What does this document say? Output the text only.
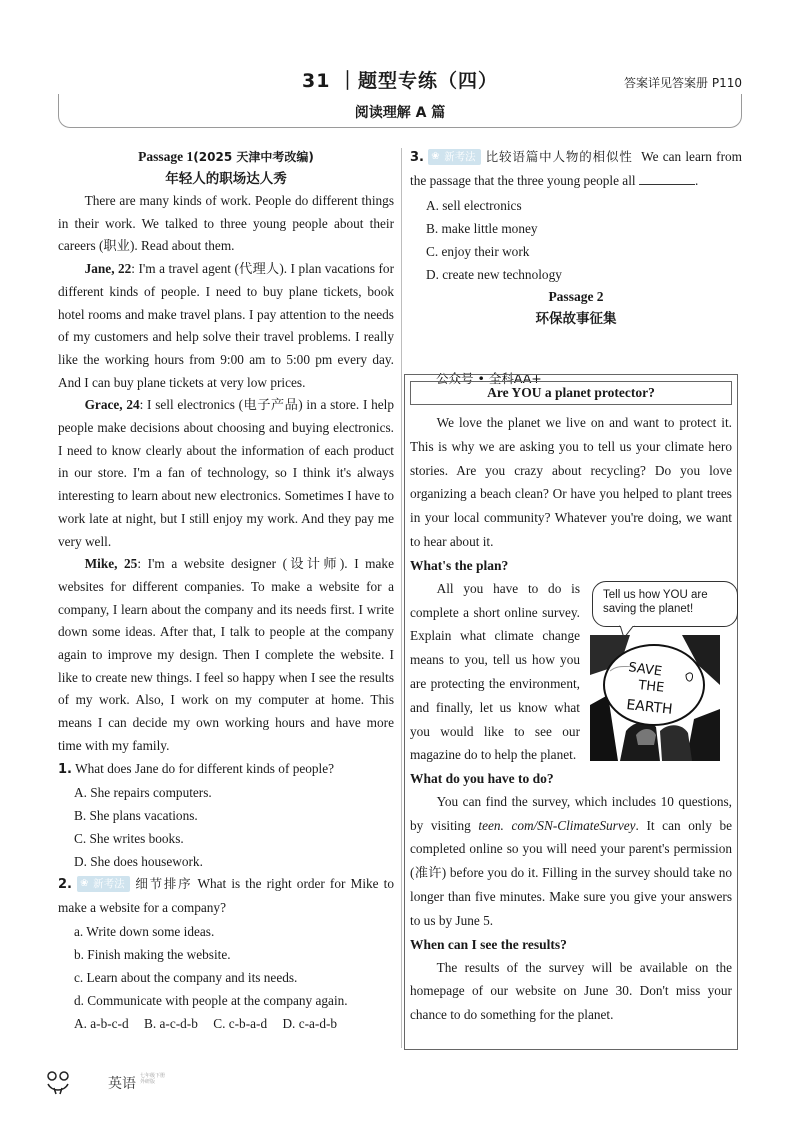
31 ｜题型专练（四）	答案详见答案册 P110
阅读理解 A 篇
Passage 1(2025 天津中考改编)
年轻人的职场达人秀

There are many kinds of work. People do different things in their work. We talked to three young people about their careers (职业). Read about them.

Jane, 22: I'm a travel agent (代理人). I plan vacations for different kinds of people. I need to buy plane tickets, book hotel rooms and make travel plans. I pay attention to the needs of my customers and help solve their travel problems. I really like the working hours from 9:00 am to 5:00 pm every day. And I can buy plane tickets at very low prices.

Grace, 24: I sell electronics (电子产品) in a store. I help people make decisions about choosing and buying electronics. I need to know clearly about the information of each product in our store. I'm a fan of technology, so I think it's always interesting to learn about new electronics. Sometimes I have to work late at night, but I still enjoy my work. And they pay me very well.

Mike, 25: I'm a website designer (设计师). I make websites for different companies. To make a website for a company, I learn about the company and its needs first. I write down some ideas. After that, I talk to people at the company again to improve my design. Then I complete the website. I like to create new things. I feel so happy when I see the results of my work. Also, I work on my computer at home. This means I can decide my own working hours and have more time with my family.

1. What does Jane do for different kinds of people?
A. She repairs computers.
B. She plans vacations.
C. She writes books.
D. She does housework.
2. ❀ 新考法 细节排序 What is the right order for Mike to make a website for a company?
a. Write down some ideas.
b. Finish making the website.
c. Learn about the company and its needs.
d. Communicate with people at the company again.
A. a-b-c-d B. a-c-d-b C. c-b-a-d D. c-a-d-b
3. ❀ 新考法 比较语篇中人物的相似性 We can learn from the passage that the three young people all	.
A. sell electronics
B. make little money
C. enjoy their work
D. create new technology
Passage 2
环保故事征集
公众号 • 全科AA+
Are YOU a planet protector?

We love the planet we live on and want to protect it. This is why we are asking you to tell us your climate hero stories. Are you crazy about recycling? Do you love organizing a beach clean? Or have you helped to plant trees in your local community? Whatever you're doing, we want to hear about it.

What's the plan?

All you have to do is complete a short online survey. Explain what climate change means to you, tell us how you are protecting the environment, and finally, let us know what you would like to see our magazine do to help the planet.

Tell us how YOU are
saving the planet!
SAVE
THE
EARTH
What do you have to do?

You can find the survey, which includes 10 questions, by visiting teen. com/SN-ClimateSurvey. It can only be completed online so you will need your parent's permission (准许) before you do it. Filling in the survey should take no longer than five minutes. Make sure you give your answers to us by June 5.

When can I see the results?

The results of the survey will be available on the homepage of our website on June 30. Don't miss your chance to do something for the planet.

英语 七年级下册
外研版
